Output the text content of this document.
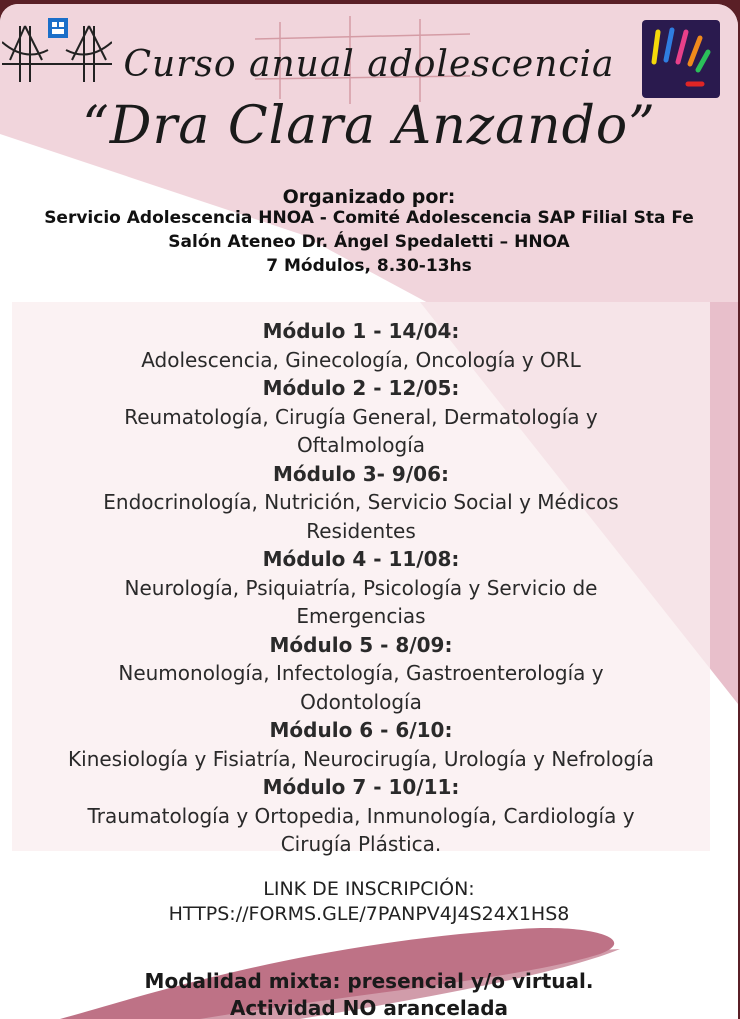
Curso anual adolescencia
“Dra Clara Anzando”
Organizado por:
Servicio Adolescencia HNOA - Comité Adolescencia SAP Filial Sta Fe
Salón Ateneo Dr. Ángel Spedaletti – HNOA
7 Módulos, 8.30-13hs
Módulo 1 - 14/04:
Adolescencia, Ginecología, Oncología y ORL
Módulo 2 - 12/05:
Reumatología, Cirugía General, Dermatología y
Oftalmología
Módulo 3- 9/06:
Endocrinología, Nutrición, Servicio Social y Médicos
Residentes
Módulo 4 - 11/08:
Neurología, Psiquiatría, Psicología y Servicio de
Emergencias
Módulo 5 - 8/09:
Neumonología, Infectología, Gastroenterología y
Odontología
Módulo 6 - 6/10:
Kinesiología y Fisiatría, Neurocirugía, Urología y Nefrología
Módulo 7 - 10/11:
Traumatología y Ortopedia, Inmunología, Cardiología y
Cirugía Plástica.
LINK DE INSCRIPCIÓN:
HTTPS://FORMS.GLE/7PANPV4J4S24X1HS8
Modalidad mixta: presencial y/o virtual.
Actividad NO arancelada
